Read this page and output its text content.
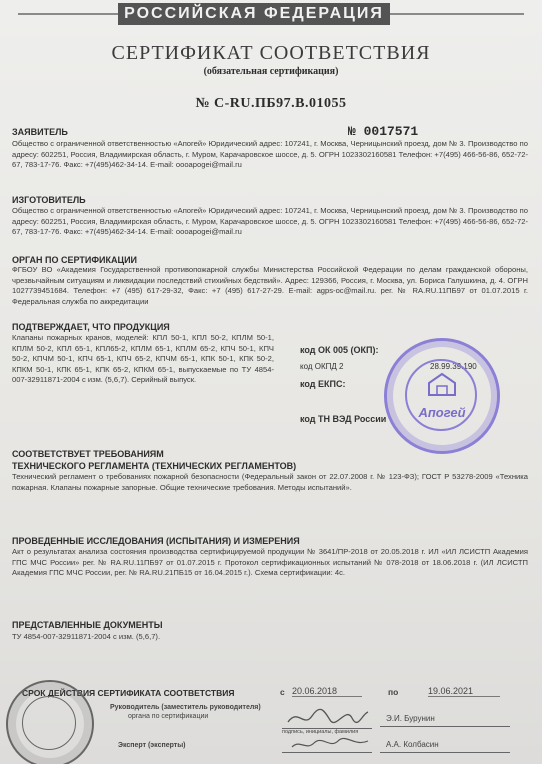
РОССИЙСКАЯ ФЕДЕРАЦИЯ
СЕРТИФИКАТ СООТВЕТСТВИЯ
(обязательная сертификация)
№ C-RU.ПБ97.В.01055
ЗАЯВИТЕЛЬ	№ 0017571
Общество с ограниченной ответственностью «Апогей» Юридический адрес: 107241, г. Москва, Черницынский проезд, дом № 3. Производство по адресу: 602251, Россия, Владимирская область, г. Муром, Карачаровское шоссе, д. 5. ОГРН 1023302160581 Телефон: +7(495) 466-56-86, 652-72-67, 783-17-76. Факс: +7(495)462-34-14. E-mail: oooapogei@mail.ru
ИЗГОТОВИТЕЛЬ
Общество с ограниченной ответственностью «Апогей» Юридический адрес: 107241, г. Москва, Черницынский проезд, дом № 3. Производство по адресу: 602251, Россия, Владимирская область, г. Муром, Карачаровское шоссе, д. 5. ОГРН 1023302160581 Телефон: +7(495) 466-56-86, 652-72-67, 783-17-76. Факс: +7(495)462-34-14. E-mail: oooapogei@mail.ru
ОРГАН ПО СЕРТИФИКАЦИИ
ФГБОУ ВО «Академия Государственной противопожарной службы Министерства Российской Федерации по делам гражданской обороны, чрезвычайным ситуациям и ликвидации последствий стихийных бедствий». Адрес: 129366, Россия, г. Москва, ул. Бориса Галушкина, д. 4. ОГРН 1027739451684. Телефон: +7 (495) 617-29-32, Факс: +7 (495) 617-27-29. E-mail: agps-oc@mail.ru. рег. № RA.RU.11ПБ97 от 01.07.2015 г. Федеральная служба по аккредитации
ПОДТВЕРЖДАЕТ, ЧТО ПРОДУКЦИЯ
Клапаны пожарных кранов, моделей: КПЛ 50-1, КПЛ 50-2, КПЛМ 50-1, КПЛМ 50-2, КПЛ 65-1, КПЛ65-2, КПЛМ 65-1, КПЛМ 65-2, КПЧ 50-1, КПЧ 50-2, КПЧМ 50-1, КПЧ 65-1, КПЧ 65-2, КПЧМ 65-1, КПК 50-1, КПК 50-2, КПКМ 50-1, КПК 65-1, КПК 65-2, КПКМ 65-1, выпускаемые по ТУ 4854-007-32911871-2004 с изм. (5,6,7). Серийный выпуск.
код ОК 005 (ОКП):
код ОКПД 2	28.99.39.190
код ЕКПС:
код ТН ВЭД России	Апогей
СООТВЕТСТВУЕТ ТРЕБОВАНИЯМ
ТЕХНИЧЕСКОГО РЕГЛАМЕНТА (ТЕХНИЧЕСКИХ РЕГЛАМЕНТОВ)
Технический регламент о требованиях пожарной безопасности (Федеральный закон от 22.07.2008 г. № 123-ФЗ); ГОСТ Р 53278-2009 «Техника пожарная. Клапаны пожарные запорные. Общие технические требования. Методы испытаний».
ПРОВЕДЕННЫЕ ИССЛЕДОВАНИЯ (ИСПЫТАНИЯ) И ИЗМЕРЕНИЯ
Акт о результатах анализа состояния производства сертифицируемой продукции № 3641/ПР-2018 от 20.05.2018 г. ИЛ «ИЛ ЛСИСТП Академия ГПС МЧС России» рег. № RA.RU.11ПБ97 от 01.07.2015 г. Протокол сертификационных испытаний № 078-2018 от 18.06.2018 г. (ИЛ ЛСИСТП Академия ГПС МЧС России, рег. № RA.RU.21ПБ15 от 16.04.2015 г.). Схема сертификации: 4с.
ПРЕДСТАВЛЕННЫЕ ДОКУМЕНТЫ
ТУ 4854-007-32911871-2004 с изм. (5,6,7).
СРОК ДЕЙСТВИЯ СЕРТИФИКАТА СООТВЕТСТВИЯ	с 20.06.2018	по	19.06.2021
Руководитель (заместитель руководителя)
органа по сертификации	Э.И. Бурунин
подпись, инициалы, фамилия
Эксперт (эксперты)	А.А. Колбасин
